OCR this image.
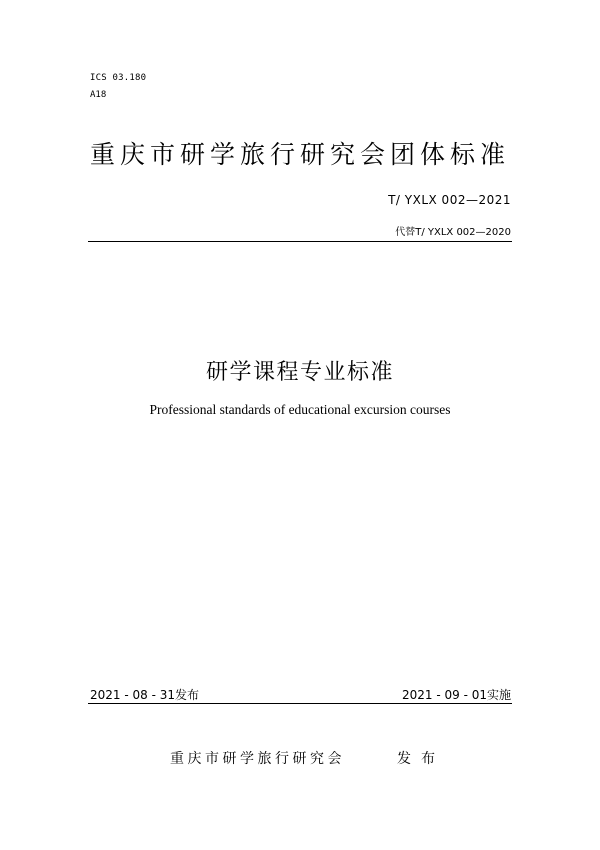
ICS 03.180
A18
重庆市研学旅行研究会团体标准
T/ YXLX 002—2021
代替T/ YXLX 002—2020
研学课程专业标准
Professional standards of educational excursion courses
2021 - 08 - 31发布	2021 - 09 - 01实施
重庆市研学旅行研究会	发布
